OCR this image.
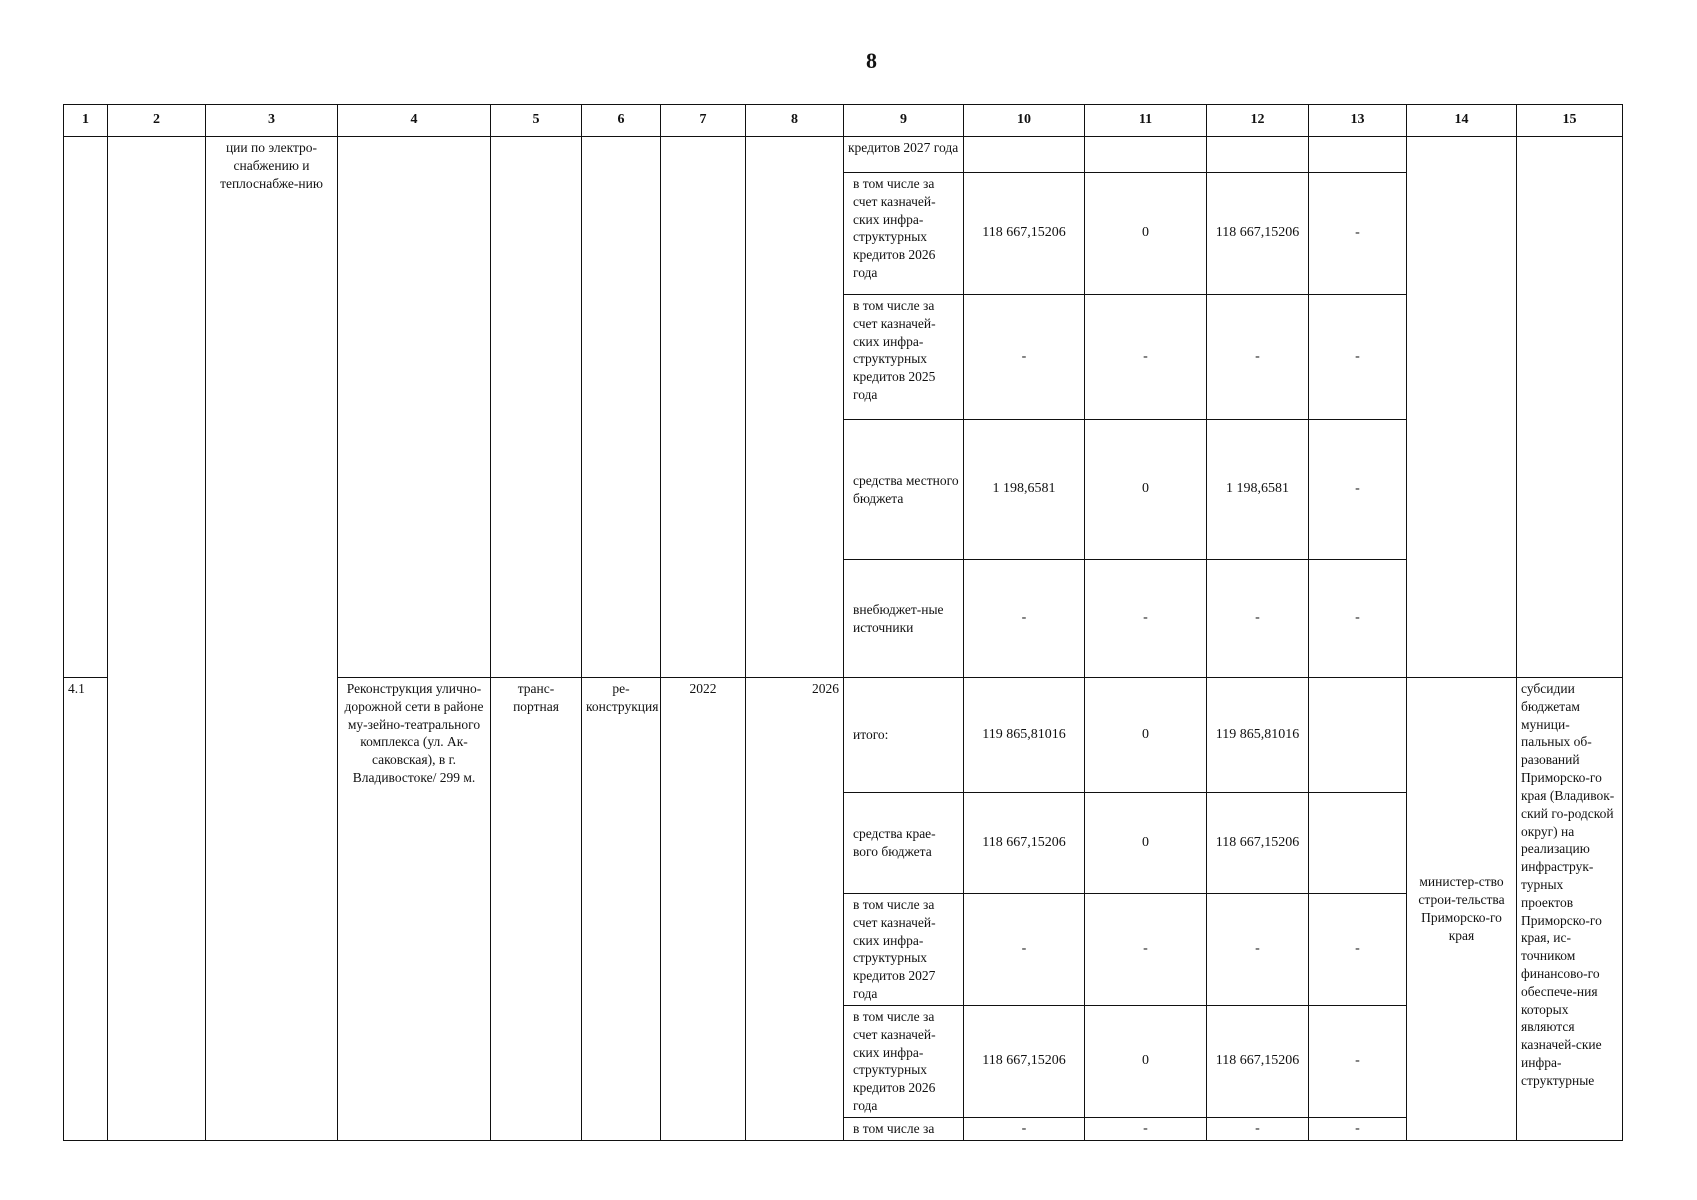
8
1	2	3	4	5	6	7	8	9	10	11	12	13	14	15
		ции по электро-снабжению и теплоснабже-нию						кредитов 2027 года						
								в том числе за счет казначей-ских инфра-структурных кредитов 2026 года	118 667,15206	0	118 667,15206	-		
								в том числе за счет казначей-ских инфра-структурных кредитов 2025 года	-	-	-	-		
								средства местного бюджета	1 198,6581	0	1 198,6581	-		
								внебюджет-ные источники	-	-	-	-		
4.1			Реконструкция улично-дорожной сети в районе му-зейно-театрального комплекса (ул. Ак-саковская), в г. Владивостоке/ 299 м.	транс-портная	ре-конструкция	2022	2026	итого:	119 865,81016	0	119 865,81016		министер-ство строи-тельства Приморско-го края	субсидии бюджетам муници-пальных об-разований Приморско-го края (Владивок-ский го-родской округ) на реализацию инфраструк-турных проектов Приморско-го края, ис-точником финансово-го обеспече-ния которых являются казначей-ские инфра-структурные
								средства крае-вого бюджета	118 667,15206	0	118 667,15206			
								в том числе за счет казначей-ских инфра-структурных кредитов 2027 года	-	-	-	-		
								в том числе за счет казначей-ских инфра-структурных кредитов 2026 года	118 667,15206	0	118 667,15206	-		
								в том числе за	-	-	-	-		
